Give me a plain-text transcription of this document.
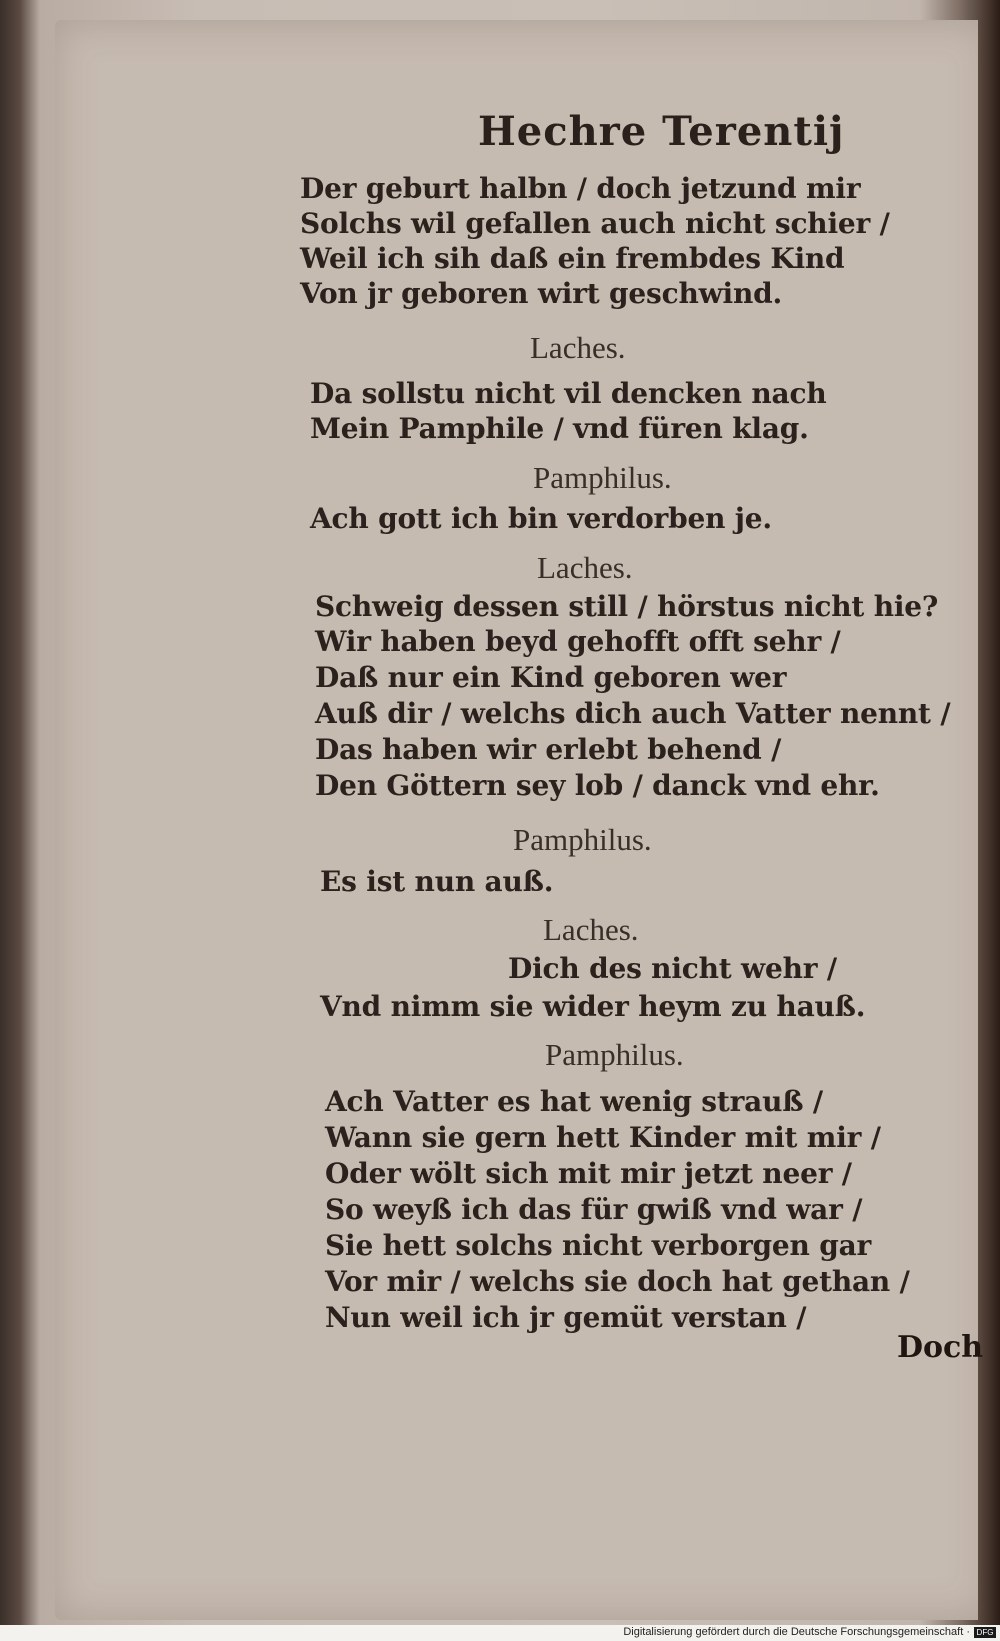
Hechre Terentij
Der geburt halbn / doch jetzund mir
Solchs wil gefallen auch nicht schier /
Weil ich sih daß ein frembdes Kind
Von jr geboren wirt geschwind.
Laches.
Da sollstu nicht vil dencken nach
Mein Pamphile / vnd füren klag.
Pamphilus.
Ach gott ich bin verdorben je.
Laches.
Schweig dessen still / hörstus nicht hie?
Wir haben beyd gehofft offt sehr /
Daß nur ein Kind geboren wer
Auß dir / welchs dich auch Vatter nennt /
Das haben wir erlebt behend /
Den Göttern sey lob / danck vnd ehr.
Pamphilus.
Es ist nun auß.
Laches.
Dich des nicht wehr /
Vnd nimm sie wider heym zu hauß.
Pamphilus.
Ach Vatter es hat wenig strauß /
Wann sie gern hett Kinder mit mir /
Oder wölt sich mit mir jetzt neer /
So weyß ich das für gwiß vnd war /
Sie hett solchs nicht verborgen gar
Vor mir / welchs sie doch hat gethan /
Nun weil ich jr gemüt verstan /
Doch
Digitalisierung gefördert durch die Deutsche Forschungsgemeinschaft · DFG
